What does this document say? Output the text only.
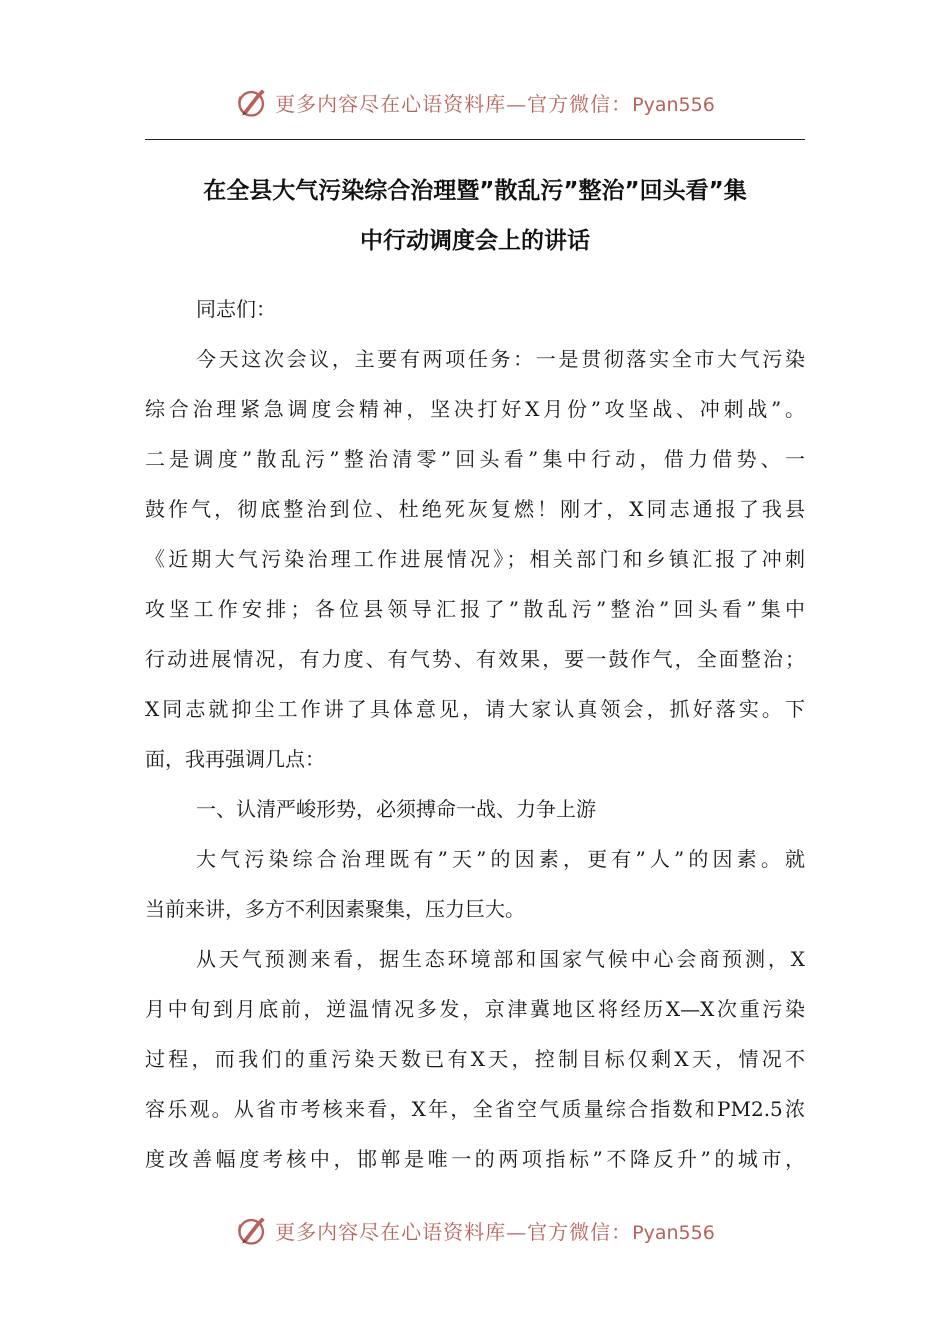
更多内容尽在心语资料库—官方微信：Pyan556
在全县大气污染综合治理暨”散乱污”整治”回头看”集
中行动调度会上的讲话
同志们：
今天这次会议，主要有两项任务：一是贯彻落实全市大气污染
综合治理紧急调度会精神，坚决打好X月份”攻坚战、冲刺战”。
二是调度”散乱污”整治清零”回头看”集中行动，借力借势、一
鼓作气，彻底整治到位、杜绝死灰复燃！刚才，X同志通报了我县
《近期大气污染治理工作进展情况》；相关部门和乡镇汇报了冲刺
攻坚工作安排；各位县领导汇报了”散乱污”整治”回头看”集中
行动进展情况，有力度、有气势、有效果，要一鼓作气，全面整治；
X同志就抑尘工作讲了具体意见，请大家认真领会，抓好落实。下
面，我再强调几点：
一、认清严峻形势，必须搏命一战、力争上游
大气污染综合治理既有”天”的因素，更有”人”的因素。就
当前来讲，多方不利因素聚集，压力巨大。
从天气预测来看，据生态环境部和国家气候中心会商预测，X
月中旬到月底前，逆温情况多发，京津冀地区将经历X—X次重污染
过程，而我们的重污染天数已有X天，控制目标仅剩X天，情况不
容乐观。从省市考核来看，X年，全省空气质量综合指数和PM2.5浓
度改善幅度考核中，邯郸是唯一的两项指标”不降反升”的城市，
更多内容尽在心语资料库—官方微信：Pyan556
